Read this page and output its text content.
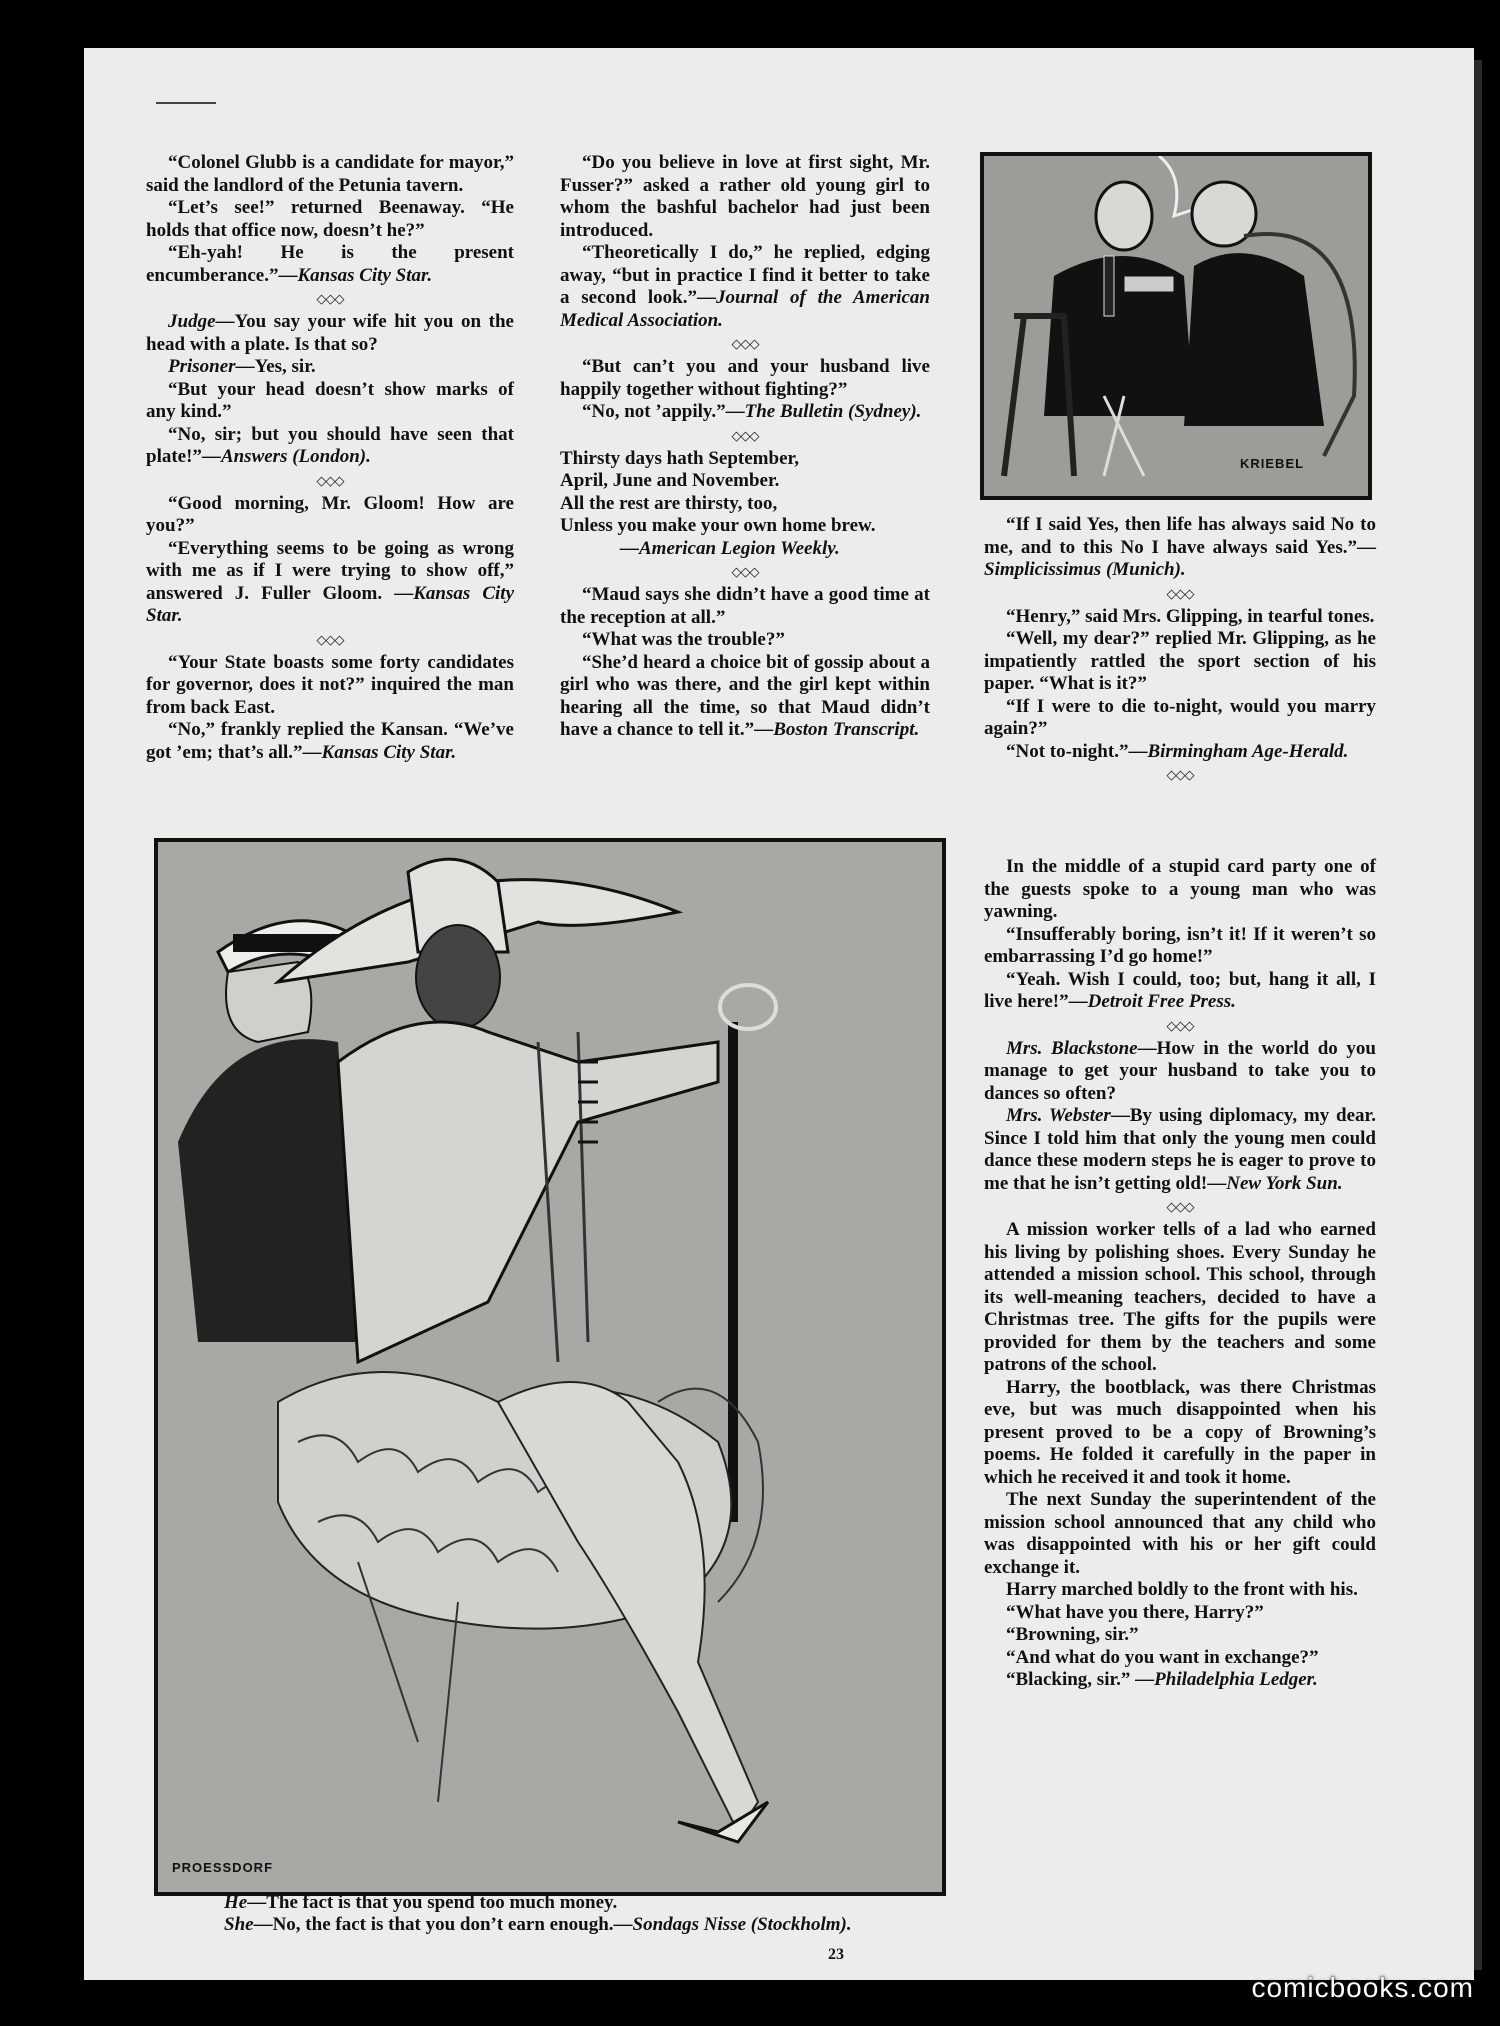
“Colonel Glubb is a candidate for mayor,” said the landlord of the Petunia tavern.

“Let’s see!” returned Beenaway. “He holds that office now, doesn’t he?”

“Eh-yah! He is the present encumberance.”—Kansas City Star.

◇◇◇

Judge—You say your wife hit you on the head with a plate. Is that so?

Prisoner—Yes, sir.

“But your head doesn’t show marks of any kind.”

“No, sir; but you should have seen that plate!”—Answers (London).

◇◇◇

“Good morning, Mr. Gloom! How are you?”

“Everything seems to be going as wrong with me as if I were trying to show off,” answered J. Fuller Gloom. —Kansas City Star.

◇◇◇

“Your State boasts some forty candidates for governor, does it not?” inquired the man from back East.

“No,” frankly replied the Kansan. “We’ve got ’em; that’s all.”—Kansas City Star.

“Do you believe in love at first sight, Mr. Fusser?” asked a rather old young girl to whom the bashful bachelor had just been introduced.

“Theoretically I do,” he replied, edging away, “but in practice I find it better to take a second look.”—Journal of the American Medical Association.

◇◇◇

“But can’t you and your husband live happily together without fighting?”

“No, not ’appily.”—The Bulletin (Sydney).

◇◇◇

Thirsty days hath September,

April, June and November.

All the rest are thirsty, too,

Unless you make your own home brew.

—American Legion Weekly.

◇◇◇

“Maud says she didn’t have a good time at the reception at all.”

“What was the trouble?”

“She’d heard a choice bit of gossip about a girl who was there, and the girl kept within hearing all the time, so that Maud didn’t have a chance to tell it.”—Boston Transcript.

KRIEBEL

“If I said Yes, then life has always said No to me, and to this No I have always said Yes.”—Simplicissimus (Munich).

◇◇◇

“Henry,” said Mrs. Glipping, in tearful tones.

“Well, my dear?” replied Mr. Glipping, as he impatiently rattled the sport section of his paper. “What is it?”

“If I were to die to-night, would you marry again?”

“Not to-night.”—Birmingham Age-Herald.

◇◇◇
PROESSDORF

In the middle of a stupid card party one of the guests spoke to a young man who was yawning.

“Insufferably boring, isn’t it! If it weren’t so embarrassing I’d go home!”

“Yeah. Wish I could, too; but, hang it all, I live here!”—Detroit Free Press.

◇◇◇

Mrs. Blackstone—How in the world do you manage to get your husband to take you to dances so often?

Mrs. Webster—By using diplomacy, my dear. Since I told him that only the young men could dance these modern steps he is eager to prove to me that he isn’t getting old!—New York Sun.

◇◇◇

A mission worker tells of a lad who earned his living by polishing shoes. Every Sunday he attended a mission school. This school, through its well-meaning teachers, decided to have a Christmas tree. The gifts for the pupils were provided for them by the teachers and some patrons of the school.

Harry, the bootblack, was there Christmas eve, but was much disappointed when his present proved to be a copy of Browning’s poems. He folded it carefully in the paper in which he received it and took it home.

The next Sunday the superintendent of the mission school announced that any child who was disappointed with his or her gift could exchange it.

Harry marched boldly to the front with his.

“What have you there, Harry?”

“Browning, sir.”

“And what do you want in exchange?”

“Blacking, sir.” —Philadelphia Ledger.

He—The fact is that you spend too much money.

She—No, the fact is that you don’t earn enough.—Sondags Nisse (Stockholm).

23
comicbooks.com
